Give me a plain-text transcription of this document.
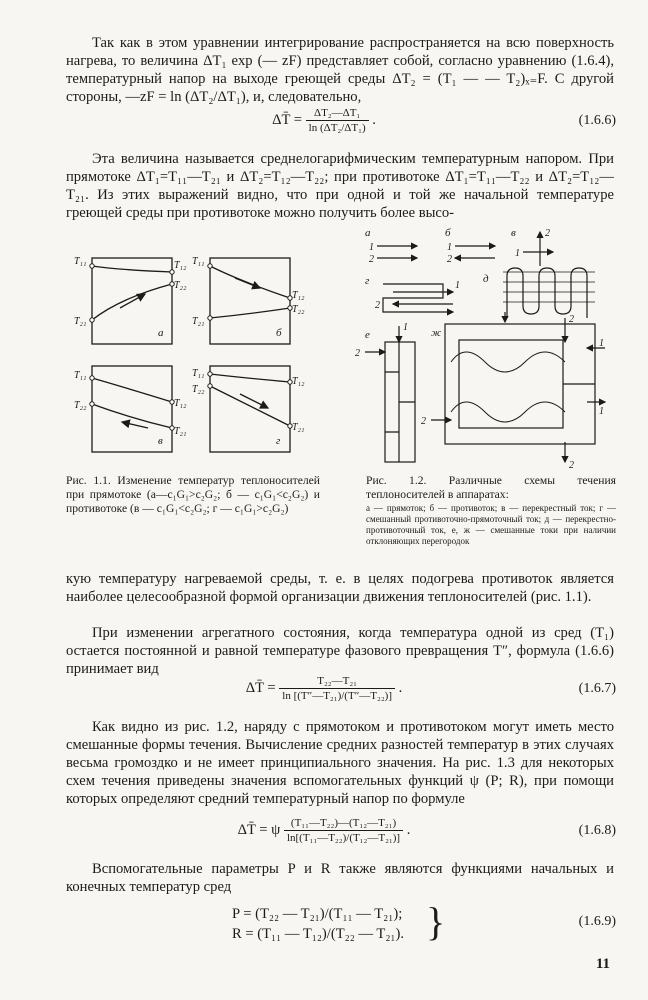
Так как в этом уравнении интегрирование распространяется на всю поверхность нагрева, то величина ΔT₁ exp (— zF) представляет собой, согласно уравнению (1.6.4), температурный напор на выходе греющей среды ΔT₂ = (T₁ — — T₂)ₓ₌F. С другой стороны, —zF = ln (ΔT₂/ΔT₁), и, следовательно,

ΔT̄ = $\frac{\text{ΔT₂—ΔT₁}}{\text{ln (ΔT₂/ΔT₁)}}$ .	(1.6.6)

Эта величина называется среднелогарифмическим температурным напором. При прямотоке ΔT₁=T₁₁—T₂₁ и ΔT₂=T₁₂—T₂₂; при противотоке ΔT₁=T₁₁—T₂₂ и ΔT₂=T₁₂—T₂₁. Из этих выражений видно, что при одной и той же начальной температуре греющей среды при противотоке можно получить более высо-

T₁₁	T₁₂
T₂₂
T₂₁
T₁₁
T₁₂
T₂₂
T₂₁
T₁₁
T₁₂
T₂₂
T₂₁
T₁₁
T₁₂
T₂₂
T₂₁
а	б
в	г
Рис. 1.1. Изменение температур теплоносителей при прямотоке (а—c₁G₁>c₂G₂; б — c₁G₁<c₂G₂) и противотоке (в — c₁G₁<c₂G₂; г — c₁G₁>c₂G₂)
а	б	в
г	д
е	ж
1
2
1
2
1
2
1
2
2
1
2
1
1
2
2
Рис. 1.2. Различные схемы течения теплоносителей в аппаратах:
а — прямоток; б — противоток; в — перекрестный ток; г — смешанный противоточно-прямоточный ток; д — перекрестно-противоточный ток, е, ж — смешанные токи при наличии отклоняющих перегородок

кую температуру нагреваемой среды, т. е. в целях подогрева противоток является наиболее целесообразной формой организации движения теплоносителей (рис. 1.1).

При изменении агрегатного состояния, когда температура одной из сред (T₁) остается постоянной и равной температуре фазового превращения T″, формула (1.6.6) принимает вид

ΔT̄ = $\frac{\text{T₂₂—T₂₁}}{\text{ln [(T″—T₂₁)/(T″—T₂₂)]}}$ .	(1.6.7)

Как видно из рис. 1.2, наряду с прямотоком и противотоком могут иметь место смешанные формы течения. Вычисление средних разностей температур в этих случаях весьма громоздко и не имеет принципиального значения. На рис. 1.3 для некоторых схем течения приведены значения вспомогательных функций ψ (P; R), при помощи которых определяют средний температурный напор по формуле

ΔT̄ = ψ $\frac{\text{(T₁₁—T₂₂)—(T₁₂—T₂₁)}}{\text{ln[(T₁₁—T₂₂)/(T₁₂—T₂₁)]}}$ .	(1.6.8)

Вспомогательные параметры P и R также являются функциями начальных и конечных температур сред

P = (T₂₂ — T₂₁)/(T₁₁ — T₂₁);
R = (T₁₁ — T₁₂)/(T₂₂ — T₂₁). }	(1.6.9)
11
